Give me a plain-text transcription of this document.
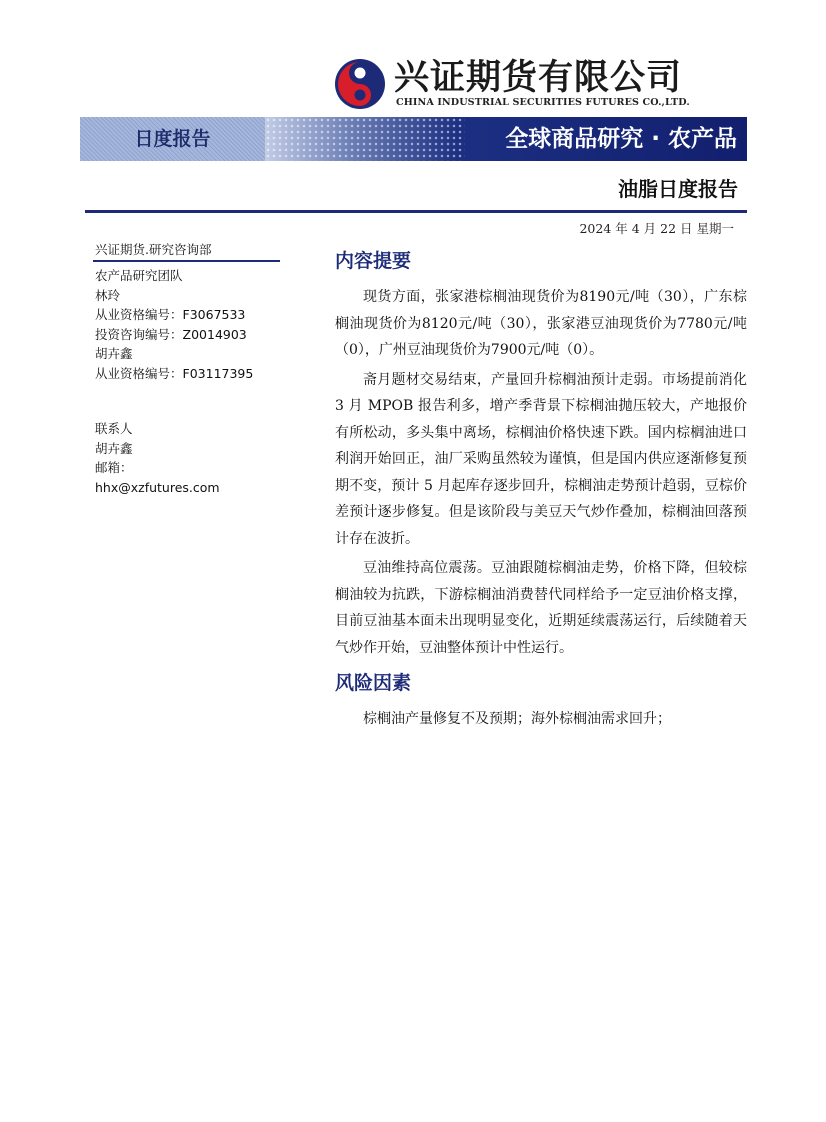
兴证期货有限公司
CHINA INDUSTRIAL SECURITIES FUTURES CO.,LTD.
日度报告	全球商品研究 · 农产品
油脂日度报告
2024 年 4 月 22 日 星期一
兴证期货.研究咨询部
农产品研究团队
林玲
从业资格编号：F3067533
投资咨询编号：Z0014903
胡卉鑫
从业资格编号：F03117395
联系人
胡卉鑫
邮箱：
hhx@xzfutures.com
内容提要

现货方面，张家港棕榈油现货价为8190元/吨（30），广东棕榈油现货价为8120元/吨（30），张家港豆油现货价为7780元/吨（0），广州豆油现货价为7900元/吨（0）。

斋月题材交易结束，产量回升棕榈油预计走弱。市场提前消化 3 月 MPOB 报告利多，增产季背景下棕榈油抛压较大，产地报价有所松动，多头集中离场，棕榈油价格快速下跌。国内棕榈油进口利润开始回正，油厂采购虽然较为谨慎，但是国内供应逐渐修复预期不变，预计 5 月起库存逐步回升，棕榈油走势预计趋弱，豆棕价差预计逐步修复。但是该阶段与美豆天气炒作叠加，棕榈油回落预计存在波折。

豆油维持高位震荡。豆油跟随棕榈油走势，价格下降，但较棕榈油较为抗跌，下游棕榈油消费替代同样给予一定豆油价格支撑，目前豆油基本面未出现明显变化，近期延续震荡运行，后续随着天气炒作开始，豆油整体预计中性运行。

风险因素

棕榈油产量修复不及预期；海外棕榈油需求回升；
